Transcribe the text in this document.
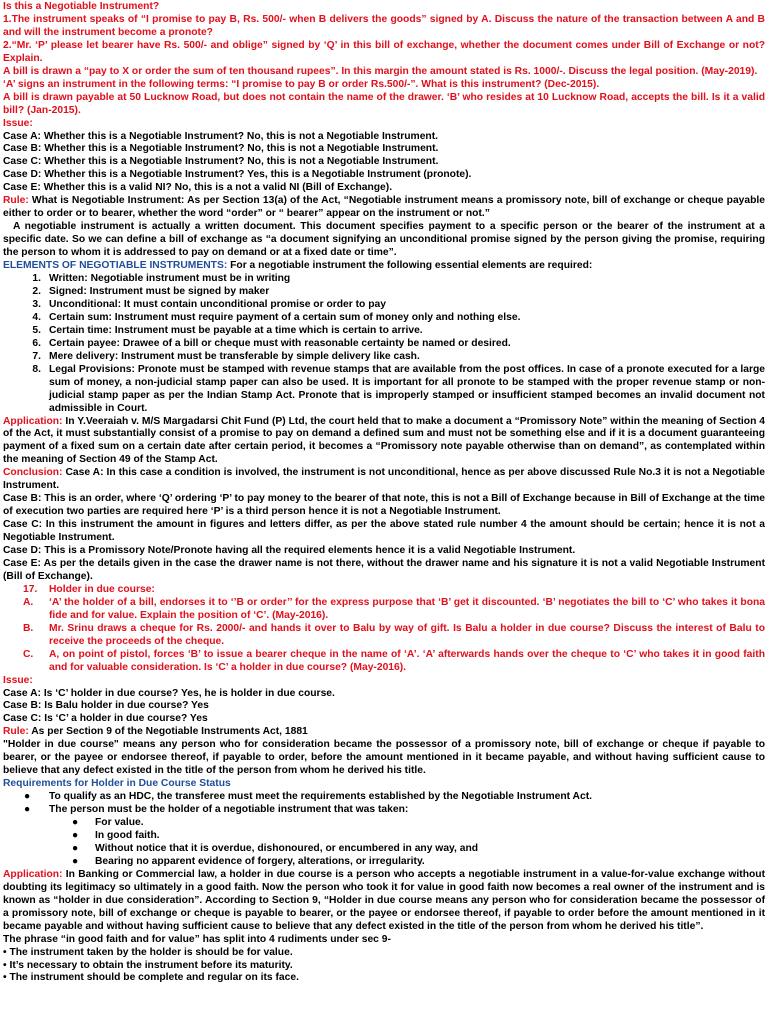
Is this a Negotiable Instrument?

1.The instrument speaks of “I promise to pay B, Rs. 500/- when B delivers the goods” signed by A. Discuss the nature of the transaction between A and B and will the instrument become a pronote?

2.“Mr. ‘P’ please let bearer have Rs. 500/- and oblige” signed by ‘Q’ in this bill of exchange, whether the document comes under Bill of Exchange or not? Explain.

A bill is drawn a “pay to X or order the sum of ten thousand rupees”. In this margin the amount stated is Rs. 1000/-. Discuss the legal position. (May-2019).

‘A’ signs an instrument in the following terms: “I promise to pay B or order Rs.500/-”. What is this instrument? (Dec-2015).

A bill is drawn payable at 50 Lucknow Road, but does not contain the name of the drawer. ‘B’ who resides at 10 Lucknow Road, accepts the bill. Is it a valid bill? (Jan-2015).

Issue:

Case A: Whether this is a Negotiable Instrument? No, this is not a Negotiable Instrument.

Case B: Whether this is a Negotiable Instrument? No, this is not a Negotiable Instrument.

Case C: Whether this is a Negotiable Instrument? No, this is not a Negotiable Instrument.

Case D: Whether this is a Negotiable Instrument? Yes, this is a Negotiable Instrument (pronote).

Case E: Whether this is a valid NI? No, this is a not a valid NI (Bill of Exchange).

Rule: What is Negotiable Instrument: As per Section 13(a) of the Act, “Negotiable instrument means a promissory note, bill of exchange or cheque payable either to order or to bearer, whether the word “order” or “ bearer” appear on the instrument or not.”

A negotiable instrument is actually a written document. This document specifies payment to a specific person or the bearer of the instrument at a specific date. So we can define a bill of exchange as “a document signifying an unconditional promise signed by the person giving the promise, requiring the person to whom it is addressed to pay on demand or at a fixed date or time”.

ELEMENTS OF NEGOTIABLE INSTRUMENTS: For a negotiable instrument the following essential elements are required:

1. Written: Negotiable instrument must be in writing
2. Signed: Instrument must be signed by maker
3. Unconditional: It must contain unconditional promise or order to pay
4. Certain sum: Instrument must require payment of a certain sum of money only and nothing else.
5. Certain time: Instrument must be payable at a time which is certain to arrive.
6. Certain payee: Drawee of a bill or cheque must with reasonable certainty be named or desired.
7. Mere delivery: Instrument must be transferable by simple delivery like cash.
8. Legal Provisions: Pronote must be stamped with revenue stamps that are available from the post offices. In case of a pronote executed for a large sum of money, a non-judicial stamp paper can also be used. It is important for all pronote to be stamped with the proper revenue stamp or non-judicial stamp paper as per the Indian Stamp Act. Pronote that is improperly stamped or insufficient stamped becomes an invalid document not admissible in Court.

Application: In Y.Veeraiah v. M/S Margadarsi Chit Fund (P) Ltd, the court held that to make a document a “Promissory Note” within the meaning of Section 4 of the Act, it must substantially consist of a promise to pay on demand a defined sum and must not be something else and if it is a document guaranteeing payment of a fixed sum on a certain date after certain period, it becomes a “Promissory note payable otherwise than on demand”, as contemplated within the meaning of Section 49 of the Stamp Act.

Conclusion: Case A: In this case a condition is involved, the instrument is not unconditional, hence as per above discussed Rule No.3 it is not a Negotiable Instrument.

Case B: This is an order, where ‘Q’ ordering ‘P’ to pay money to the bearer of that note, this is not a Bill of Exchange because in Bill of Exchange at the time of execution two parties are required here ‘P’ is a third person hence it is not a Negotiable Instrument.

Case C: In this instrument the amount in figures and letters differ, as per the above stated rule number 4 the amount should be certain; hence it is not a Negotiable Instrument.

Case D: This is a Promissory Note/Pronote having all the required elements hence it is a valid Negotiable Instrument.

Case E: As per the details given in the case the drawer name is not there, without the drawer name and his signature it is not a valid Negotiable Instrument (Bill of Exchange).

17.	Holder in due course:
A.	‘A’ the holder of a bill, endorses it to ‘’B or order’’ for the express purpose that ‘B’ get it discounted. ‘B’ negotiates the bill to ‘C’ who takes it bona fide and for value. Explain the position of ‘C’. (May-2016).
B.	Mr. Srinu draws a cheque for Rs. 2000/- and hands it over to Balu by way of gift. Is Balu a holder in due course? Discuss the interest of Balu to receive the proceeds of the cheque.
C.	A, on point of pistol, forces ‘B’ to issue a bearer cheque in the name of ‘A’. ‘A’ afterwards hands over the cheque to ‘C’ who takes it in good faith and for valuable consideration. Is ‘C’ a holder in due course? (May-2016).

Issue:

Case A: Is ‘C’ holder in due course? Yes, he is holder in due course.

Case B: Is Balu holder in due course? Yes

Case C: Is ‘C’ a holder in due course? Yes

Rule: As per Section 9 of the Negotiable Instruments Act, 1881

"Holder in due course" means any person who for consideration became the possessor of a promissory note, bill of exchange or cheque if payable to bearer, or the payee or endorsee thereof, if payable to order, before the amount mentioned in it became payable, and without having sufficient cause to believe that any defect existed in the title of the person from whom he derived his title.

Requirements for Holder in Due Course Status

●	To qualify as an HDC, the transferee must meet the requirements established by the Negotiable Instrument Act.
●	The person must be the holder of a negotiable instrument that was taken:
●	For value.
●	In good faith.
●	Without notice that it is overdue, dishonoured, or encumbered in any way, and
●	Bearing no apparent evidence of forgery, alterations, or irregularity.

Application: In Banking or Commercial law, a holder in due course is a person who accepts a negotiable instrument in a value-for-value exchange without doubting its legitimacy so ultimately in a good faith. Now the person who took it for value in good faith now becomes a real owner of the instrument and is known as “holder in due consideration”. According to Section 9, “Holder in due course means any person who for consideration became the possessor of a promissory note, bill of exchange or cheque is payable to bearer, or the payee or endorsee thereof, if payable to order before the amount mentioned in it became payable and without having sufficient cause to believe that any defect existed in the title of the person from whom he derived his title”.

The phrase “in good faith and for value” has split into 4 rudiments under sec 9-

• The instrument taken by the holder is should be for value.

• It’s necessary to obtain the instrument before its maturity.

• The instrument should be complete and regular on its face.
